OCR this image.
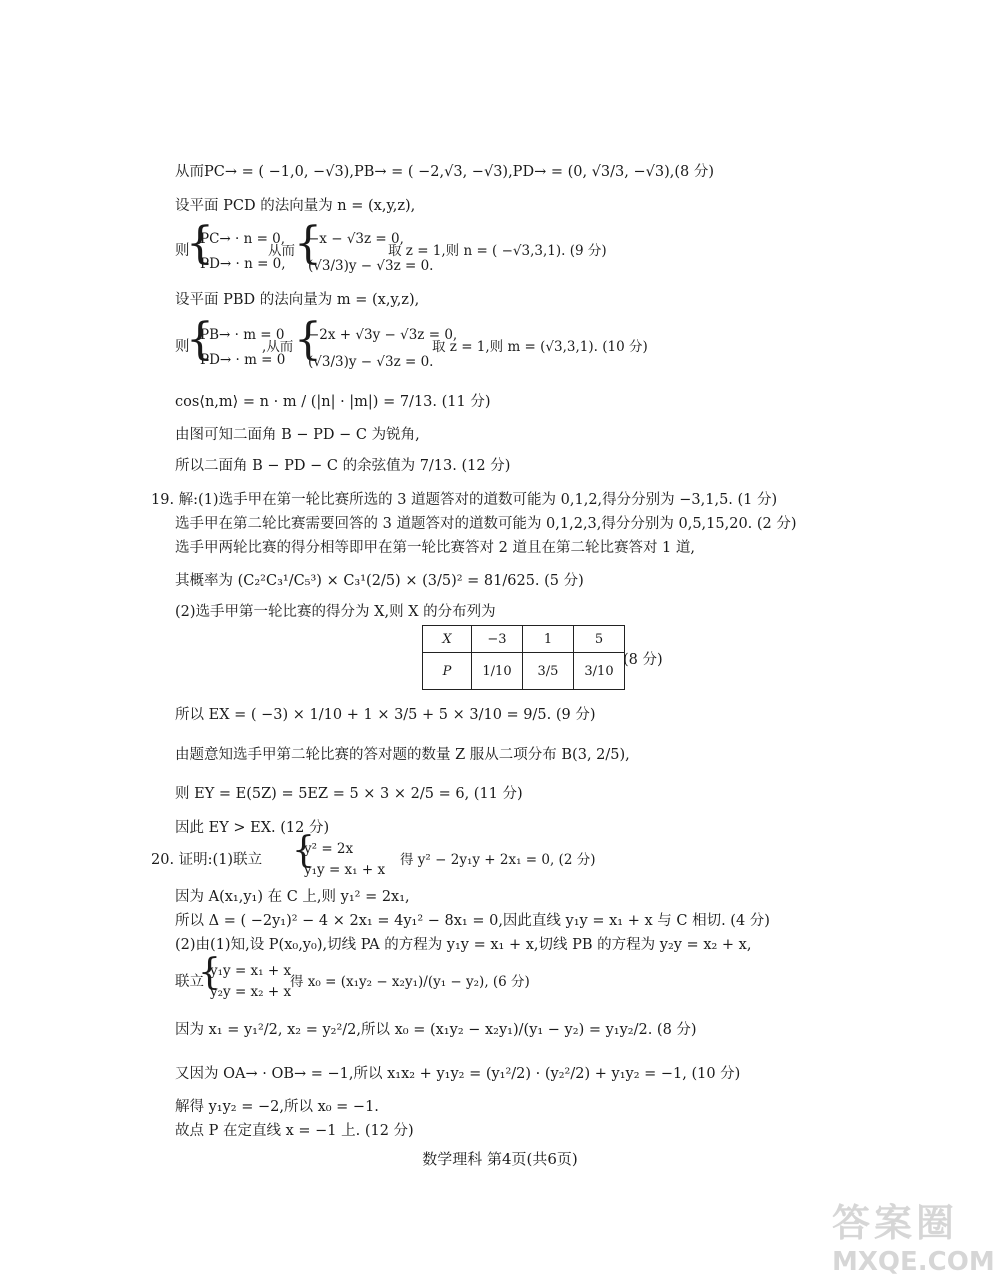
从而PC→ = ( −1,0, −√3),PB→ = ( −2,√3, −√3),PD→ = (0, √3/3, −√3),(8 分)
设平面 PCD 的法向量为 n = (x,y,z),
则
{
PC→ · n = 0,
PD→ · n = 0,
从而 {
−x − √3z = 0,
(√3/3)y − √3z = 0.
取 z = 1,则 n = ( −√3,3,1). (9 分)
设平面 PBD 的法向量为 m = (x,y,z),
则
{
PB→ · m = 0
PD→ · m = 0
,从而 {
−2x + √3y − √3z = 0,
(√3/3)y − √3z = 0.
取 z = 1,则 m = (√3,3,1). (10 分)
cos⟨n,m⟩ = n · m / (|n| · |m|) = 7/13. (11 分)
由图可知二面角 B − PD − C 为锐角,
所以二面角 B − PD − C 的余弦值为 7/13. (12 分)
19. 解:(1)选手甲在第一轮比赛所选的 3 道题答对的道数可能为 0,1,2,得分分别为 −3,1,5. (1 分)
选手甲在第二轮比赛需要回答的 3 道题答对的道数可能为 0,1,2,3,得分分别为 0,5,15,20. (2 分)
选手甲两轮比赛的得分相等即甲在第一轮比赛答对 2 道且在第二轮比赛答对 1 道,
其概率为 (C₂²C₃¹/C₅³) × C₃¹(2/5) × (3/5)² = 81/625. (5 分)
(2)选手甲第一轮比赛的得分为 X,则 X 的分布列为
X	−3	1	5
P	1/10	3/5	3/10
(8 分)
所以 EX = ( −3) × 1/10 + 1 × 3/5 + 5 × 3/10 = 9/5. (9 分)
由题意知选手甲第二轮比赛的答对题的数量 Z 服从二项分布 B(3, 2/5),
则 EY = E(5Z) = 5EZ = 5 × 3 × 2/5 = 6, (11 分)
因此 EY > EX. (12 分)
20. 证明:(1)联立 {
y² = 2x
y₁y = x₁ + x
得 y² − 2y₁y + 2x₁ = 0, (2 分)
因为 A(x₁,y₁) 在 C 上,则 y₁² = 2x₁,
所以 Δ = ( −2y₁)² − 4 × 2x₁ = 4y₁² − 8x₁ = 0,因此直线 y₁y = x₁ + x 与 C 相切. (4 分)
(2)由(1)知,设 P(x₀,y₀),切线 PA 的方程为 y₁y = x₁ + x,切线 PB 的方程为 y₂y = x₂ + x,
联立
{
y₁y = x₁ + x
y₂y = x₂ + x
得 x₀ = (x₁y₂ − x₂y₁)/(y₁ − y₂), (6 分)
因为 x₁ = y₁²/2, x₂ = y₂²/2,所以 x₀ = (x₁y₂ − x₂y₁)/(y₁ − y₂) = y₁y₂/2. (8 分)
又因为 OA→ · OB→ = −1,所以 x₁x₂ + y₁y₂ = (y₁²/2) · (y₂²/2) + y₁y₂ = −1, (10 分)
解得 y₁y₂ = −2,所以 x₀ = −1.
故点 P 在定直线 x = −1 上. (12 分)
数学理科 第4页(共6页)
答案圈
MXQE.COM
